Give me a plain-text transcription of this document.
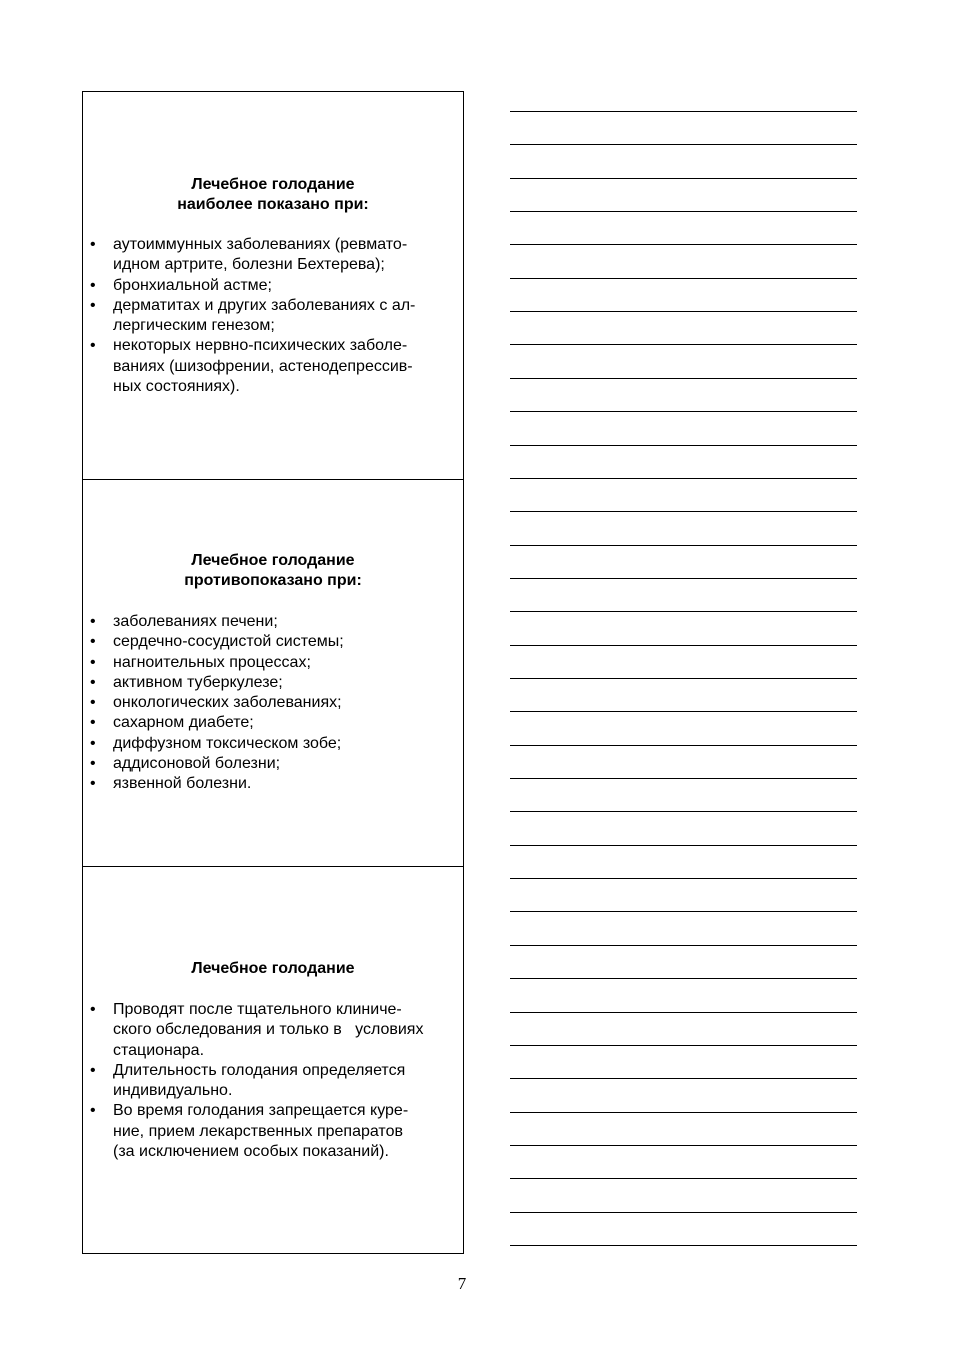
Лечебное голодание
наиболее показано при:
• аутоиммунных заболеваниях (ревмато-
идном артрите, болезни Бехтерева);
• бронхиальной астме;
• дерматитах и других заболеваниях с ал-
лергическим генезом;
• некоторых нервно-психических заболе-
ваниях (шизофрении, астенодепрессив-
ных состояниях).
Лечебное голодание
противопоказано при:
• заболеваниях печени;
• сердечно-сосудистой системы;
• нагноительных процессах;
• активном туберкулезе;
• онкологических заболеваниях;
• сахарном диабете;
• диффузном токсическом зобе;
• аддисоновой болезни;
• язвенной болезни.
Лечебное голодание
• Проводят после тщательного клиниче-
ского обследования и только в   условиях
стационара.
• Длительность голодания определяется
индивидуально.
• Во время голодания запрещается куре-
ние, прием лекарственных препаратов
(за исключением особых показаний).
7
